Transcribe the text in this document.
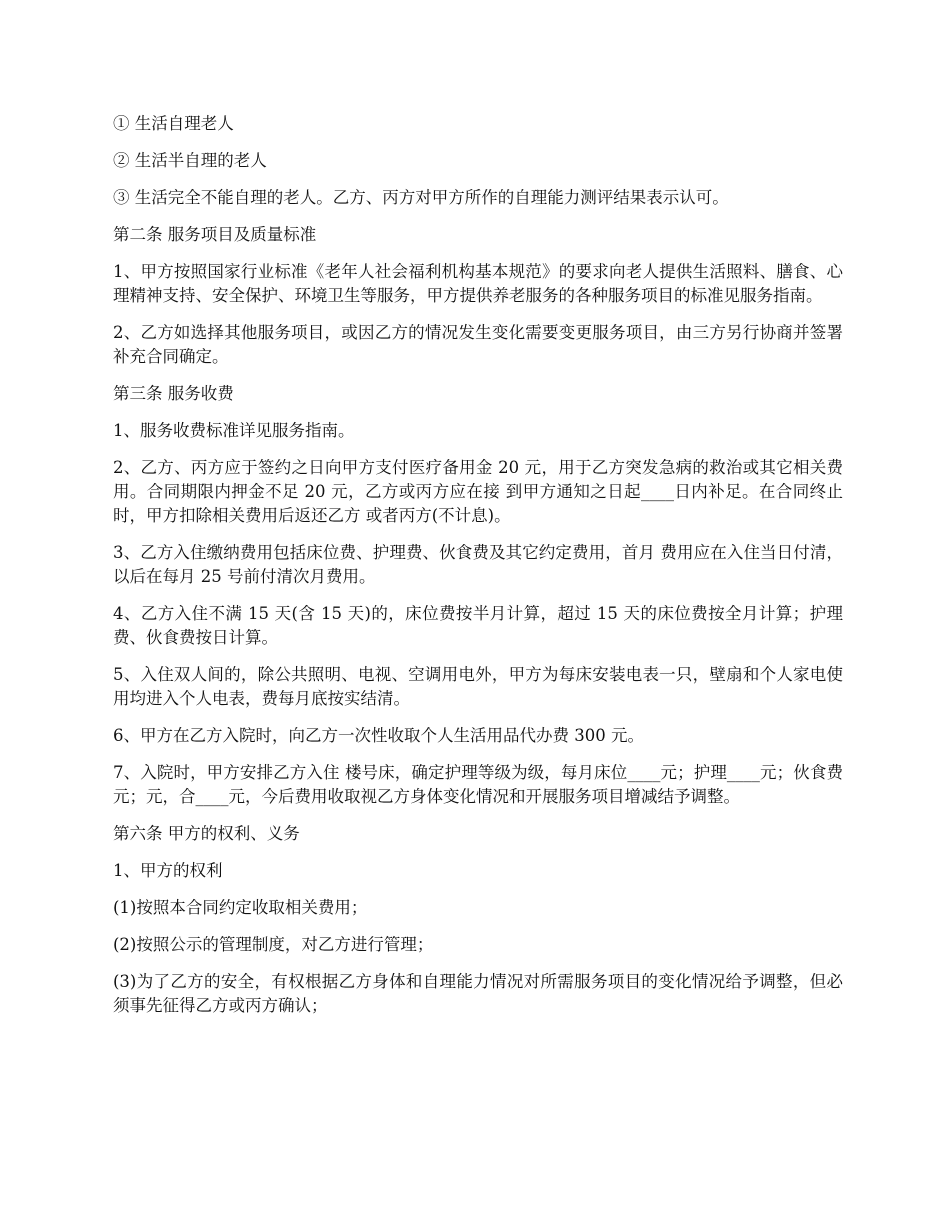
① 生活自理老人

② 生活半自理的老人

③ 生活完全不能自理的老人。乙方、丙方对甲方所作的自理能力测评结果表示认可。

第二条 服务项目及质量标准

1、甲方按照国家行业标准《老年人社会福利机构基本规范》的要求向老人提供生活照料、膳食、心理精神支持、安全保护、环境卫生等服务，甲方提供养老服务的各种服务项目的标准见服务指南。

2、乙方如选择其他服务项目，或因乙方的情况发生变化需要变更服务项目，由三方另行协商并签署补充合同确定。

第三条 服务收费

1、服务收费标准详见服务指南。

2、乙方、丙方应于签约之日向甲方支付医疗备用金 20 元，用于乙方突发急病的救治或其它相关费用。合同期限内押金不足 20 元，乙方或丙方应在接 到甲方通知之日起____日内补足。在合同终止时，甲方扣除相关费用后返还乙方 或者丙方(不计息)。

3、乙方入住缴纳费用包括床位费、护理费、伙食费及其它约定费用，首月 费用应在入住当日付清，以后在每月 25 号前付清次月费用。

4、乙方入住不满 15 天(含 15 天)的，床位费按半月计算，超过 15 天的床位费按全月计算；护理费、伙食费按日计算。

5、入住双人间的，除公共照明、电视、空调用电外，甲方为每床安装电表一只，壁扇和个人家电使用均进入个人电表，费每月底按实结清。

6、甲方在乙方入院时，向乙方一次性收取个人生活用品代办费 300 元。

7、入院时，甲方安排乙方入住 楼号床，确定护理等级为级，每月床位____元；护理____元；伙食费元；元，合____元，今后费用收取视乙方身体变化情况和开展服务项目增减结予调整。

第六条 甲方的权利、义务

1、甲方的权利

(1)按照本合同约定收取相关费用；

(2)按照公示的管理制度，对乙方进行管理；

(3)为了乙方的安全，有权根据乙方身体和自理能力情况对所需服务项目的变化情况给予调整，但必须事先征得乙方或丙方确认；
